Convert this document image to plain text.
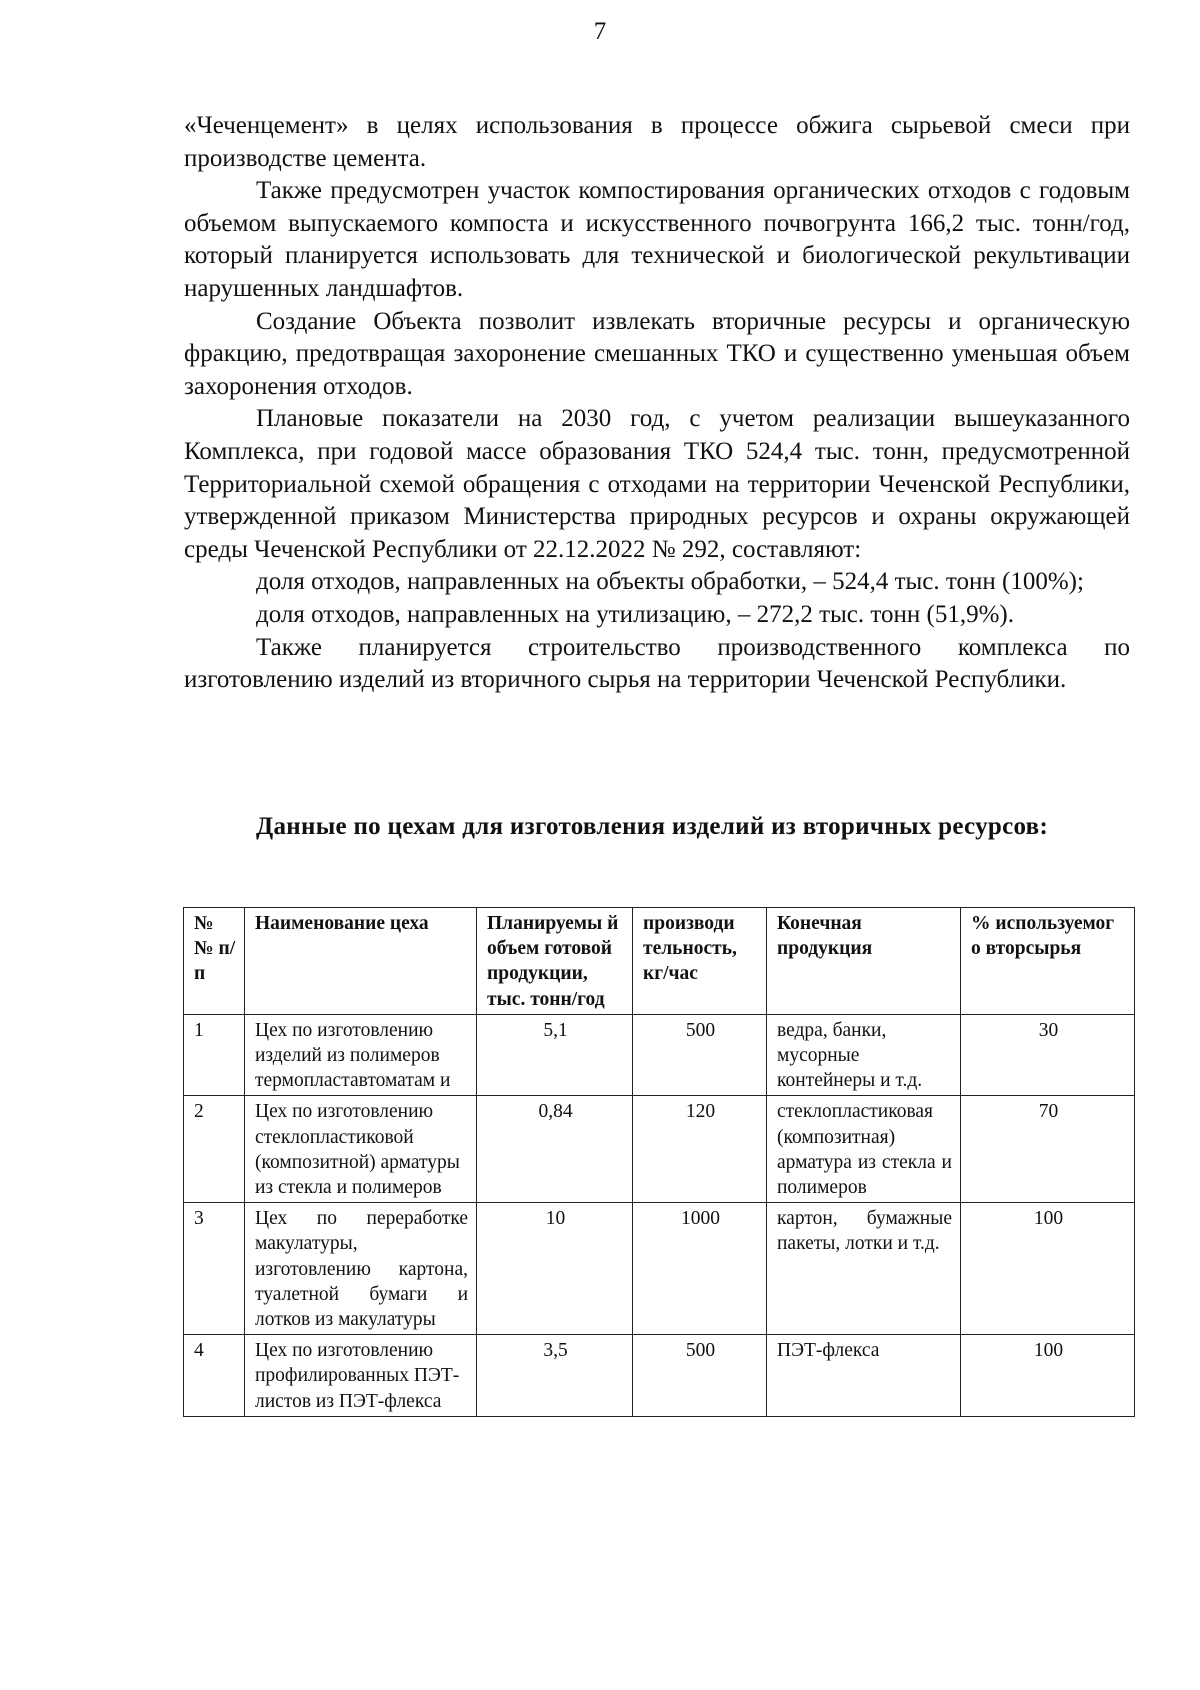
7

«Чеченцемент» в целях использования в процессе обжига сырьевой смеси при производстве цемента.

Также предусмотрен участок компостирования органических отходов с годовым объемом выпускаемого компоста и искусственного почвогрунта 166,2 тыс. тонн/год, который планируется использовать для технической и биологической рекультивации нарушенных ландшафтов.

Создание Объекта позволит извлекать вторичные ресурсы и органическую фракцию, предотвращая захоронение смешанных ТКО и существенно уменьшая объем захоронения отходов.

Плановые показатели на 2030 год, с учетом реализации вышеуказанного Комплекса, при годовой массе образования ТКО 524,4 тыс. тонн, предусмотренной Территориальной схемой обращения с отходами на территории Чеченской Республики, утвержденной приказом Министерства природных ресурсов и охраны окружающей среды Чеченской Республики от 22.12.2022 № 292, составляют:

доля отходов, направленных на объекты обработки, – 524,4 тыс. тонн (100%);

доля отходов, направленных на утилизацию, – 272,2 тыс. тонн (51,9%).

Также планируется строительство производственного комплекса по изготовлению изделий из вторичного сырья на территории Чеченской Республики.

Данные по цехам для изготовления изделий из вторичных ресурсов:

№ № п/п	Наименование цеха	Планируемы й объем готовой продукции, тыс. тонн/год	производи тельность, кг/час	Конечная продукция	% используемог о вторсырья
1	Цех по изготовлению изделий из полимеров термопластавтоматам и	5,1	500	ведра, банки, мусорные контейнеры и т.д.	30
2	Цех по изготовлению стеклопластиковой (композитной) арматуры из стекла и полимеров	0,84	120	стеклопластиковая (композитная) арматура из стекла и полимеров	70
3	Цех по переработке макулатуры, изготовлению картона, туалетной бумаги и лотков из макулатуры	10	1000	картон, бумажные пакеты, лотки и т.д.	100
4	Цех по изготовлению профилированных ПЭТ-листов из ПЭТ-флекса	3,5	500	ПЭТ-флекса	100
